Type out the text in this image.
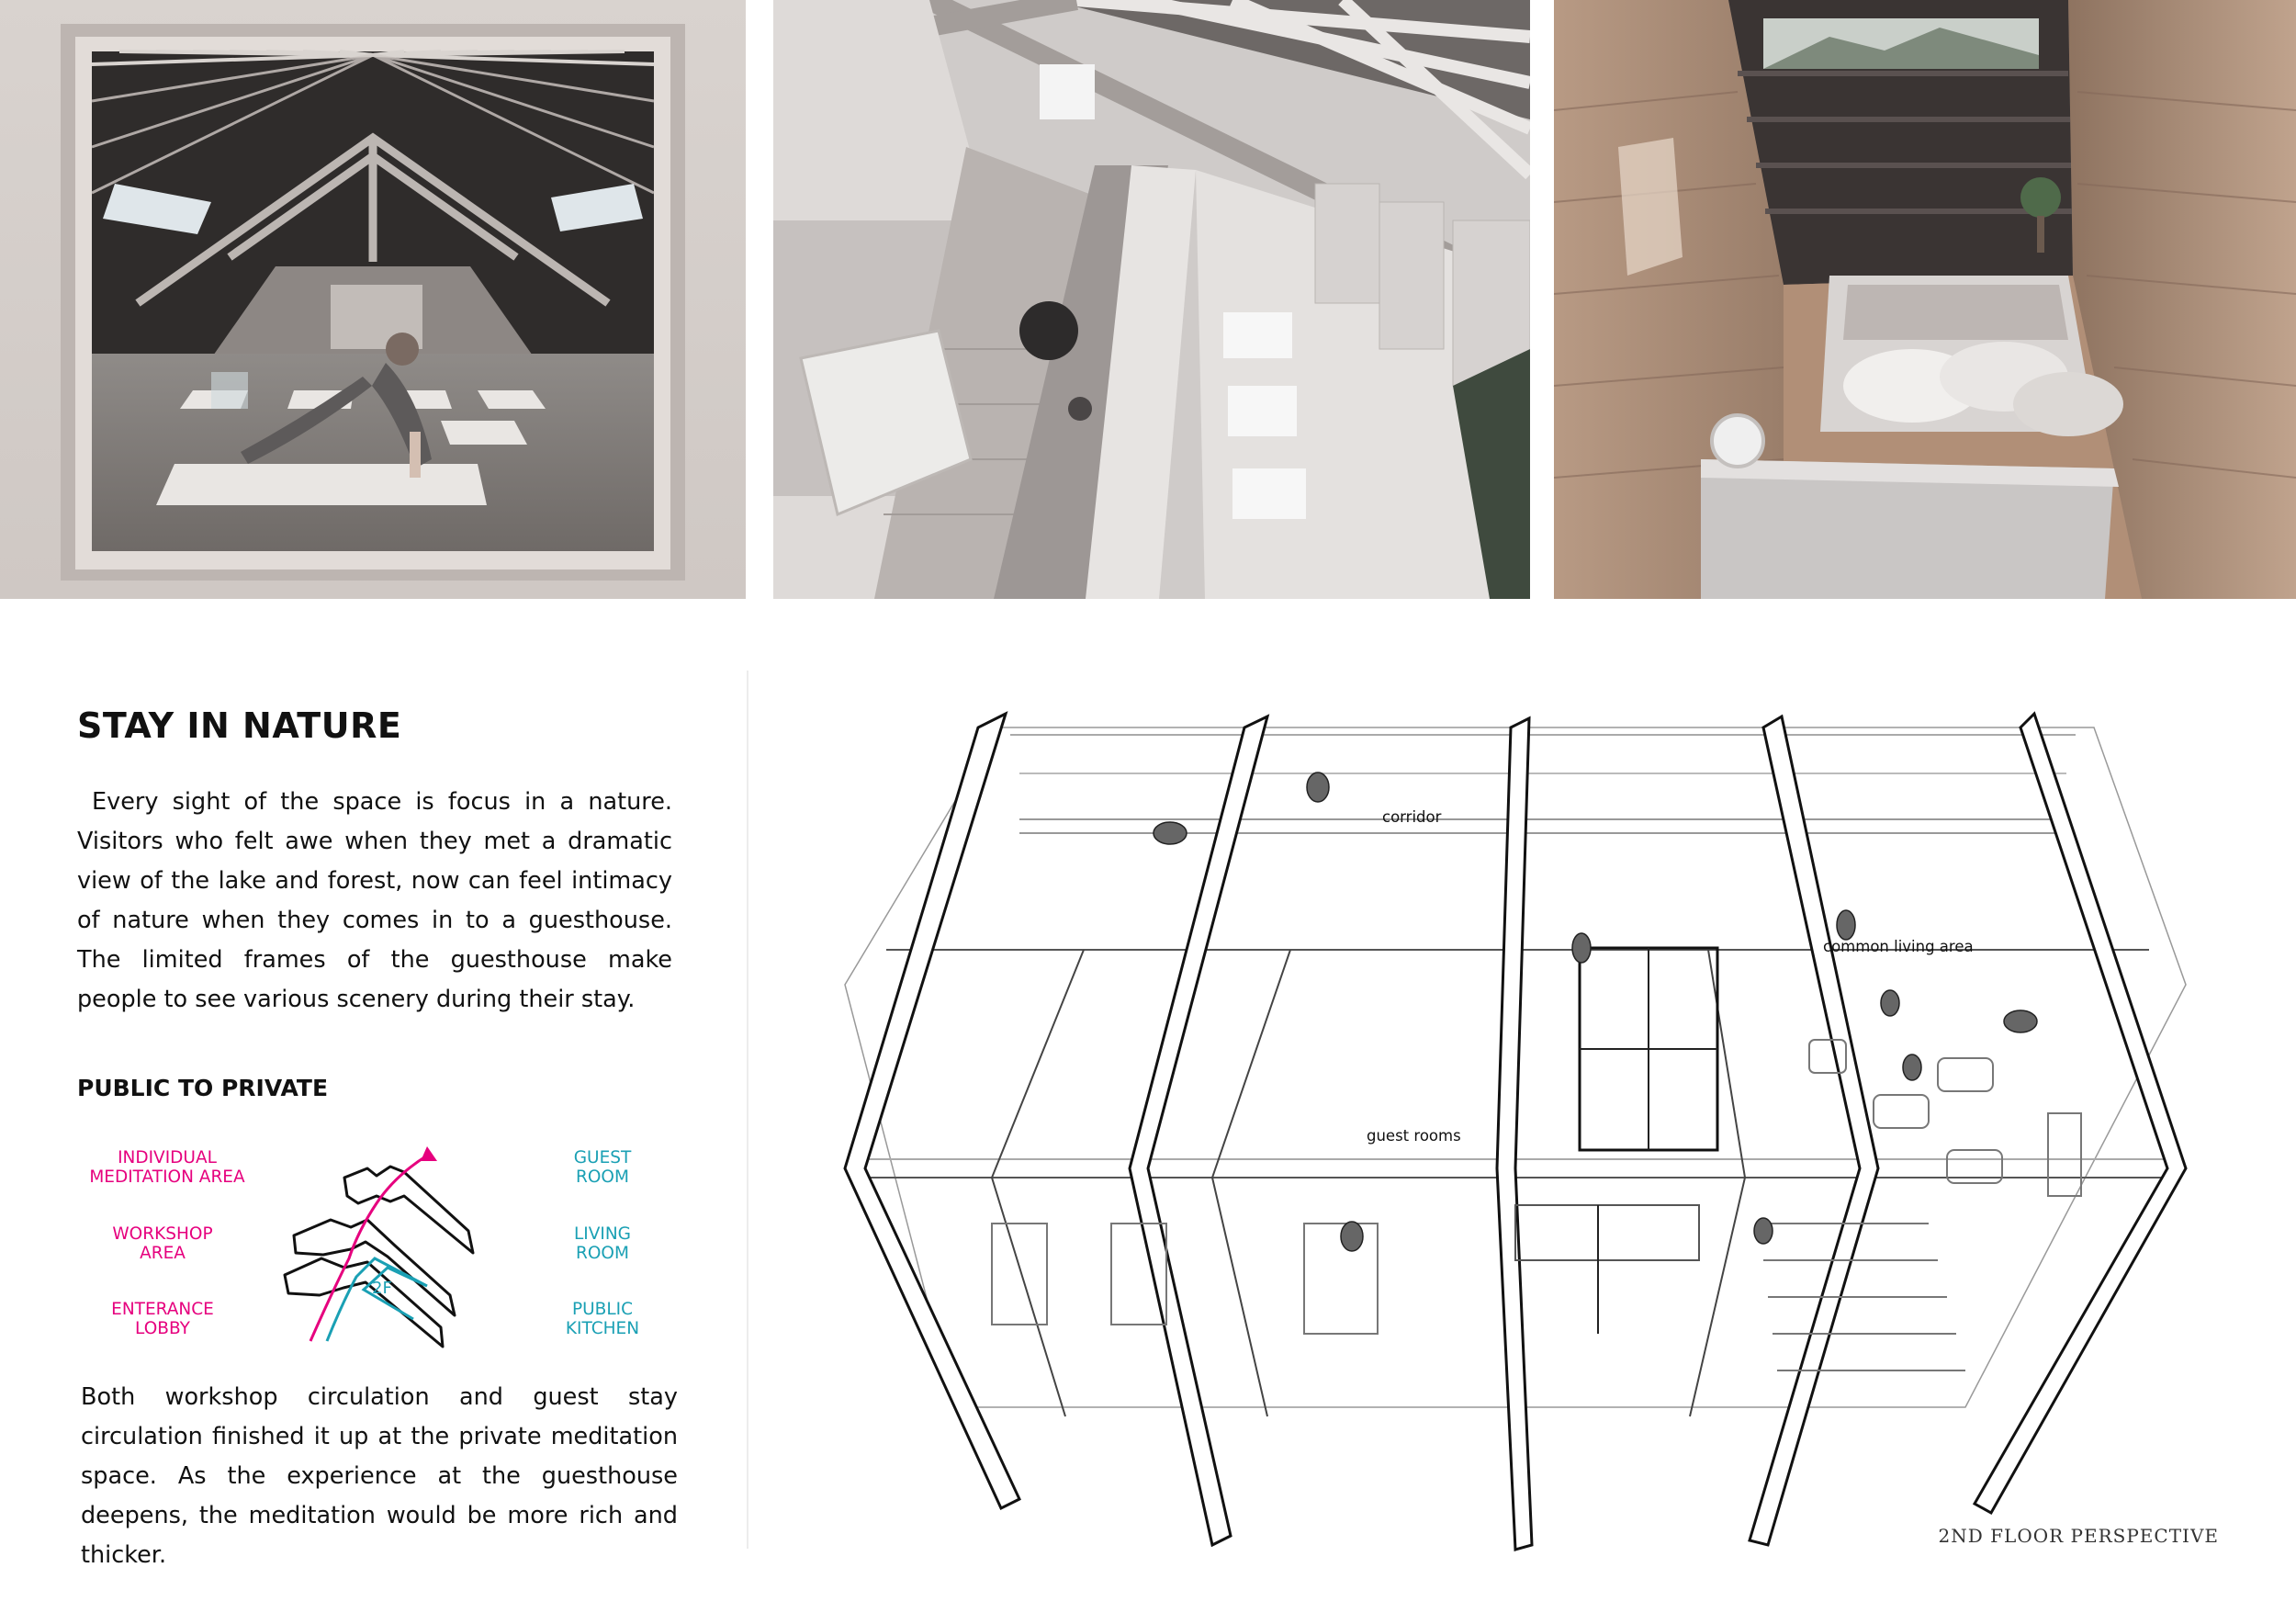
STAY IN NATURE

Every sight of the space is focus in a nature. Visitors who felt awe when they met a dramatic view of the lake and forest, now can feel intimacy of nature when they comes in to a guesthouse. The limited frames of the guesthouse make people to see various scenery during their stay.

PUBLIC TO PRIVATE
INDIVIDUAL
MEDITATION AREA
WORKSHOP
AREA
ENTERANCE
LOBBY
GUEST
ROOM
LIVING
ROOM
PUBLIC
KITCHEN
2F

Both workshop circulation and guest stay circulation finished it up at the private meditation space. As the experience at the guesthouse deepens, the meditation would be more rich and thicker.

corridor
common living area
guest rooms
2ND FLOOR PERSPECTIVE
